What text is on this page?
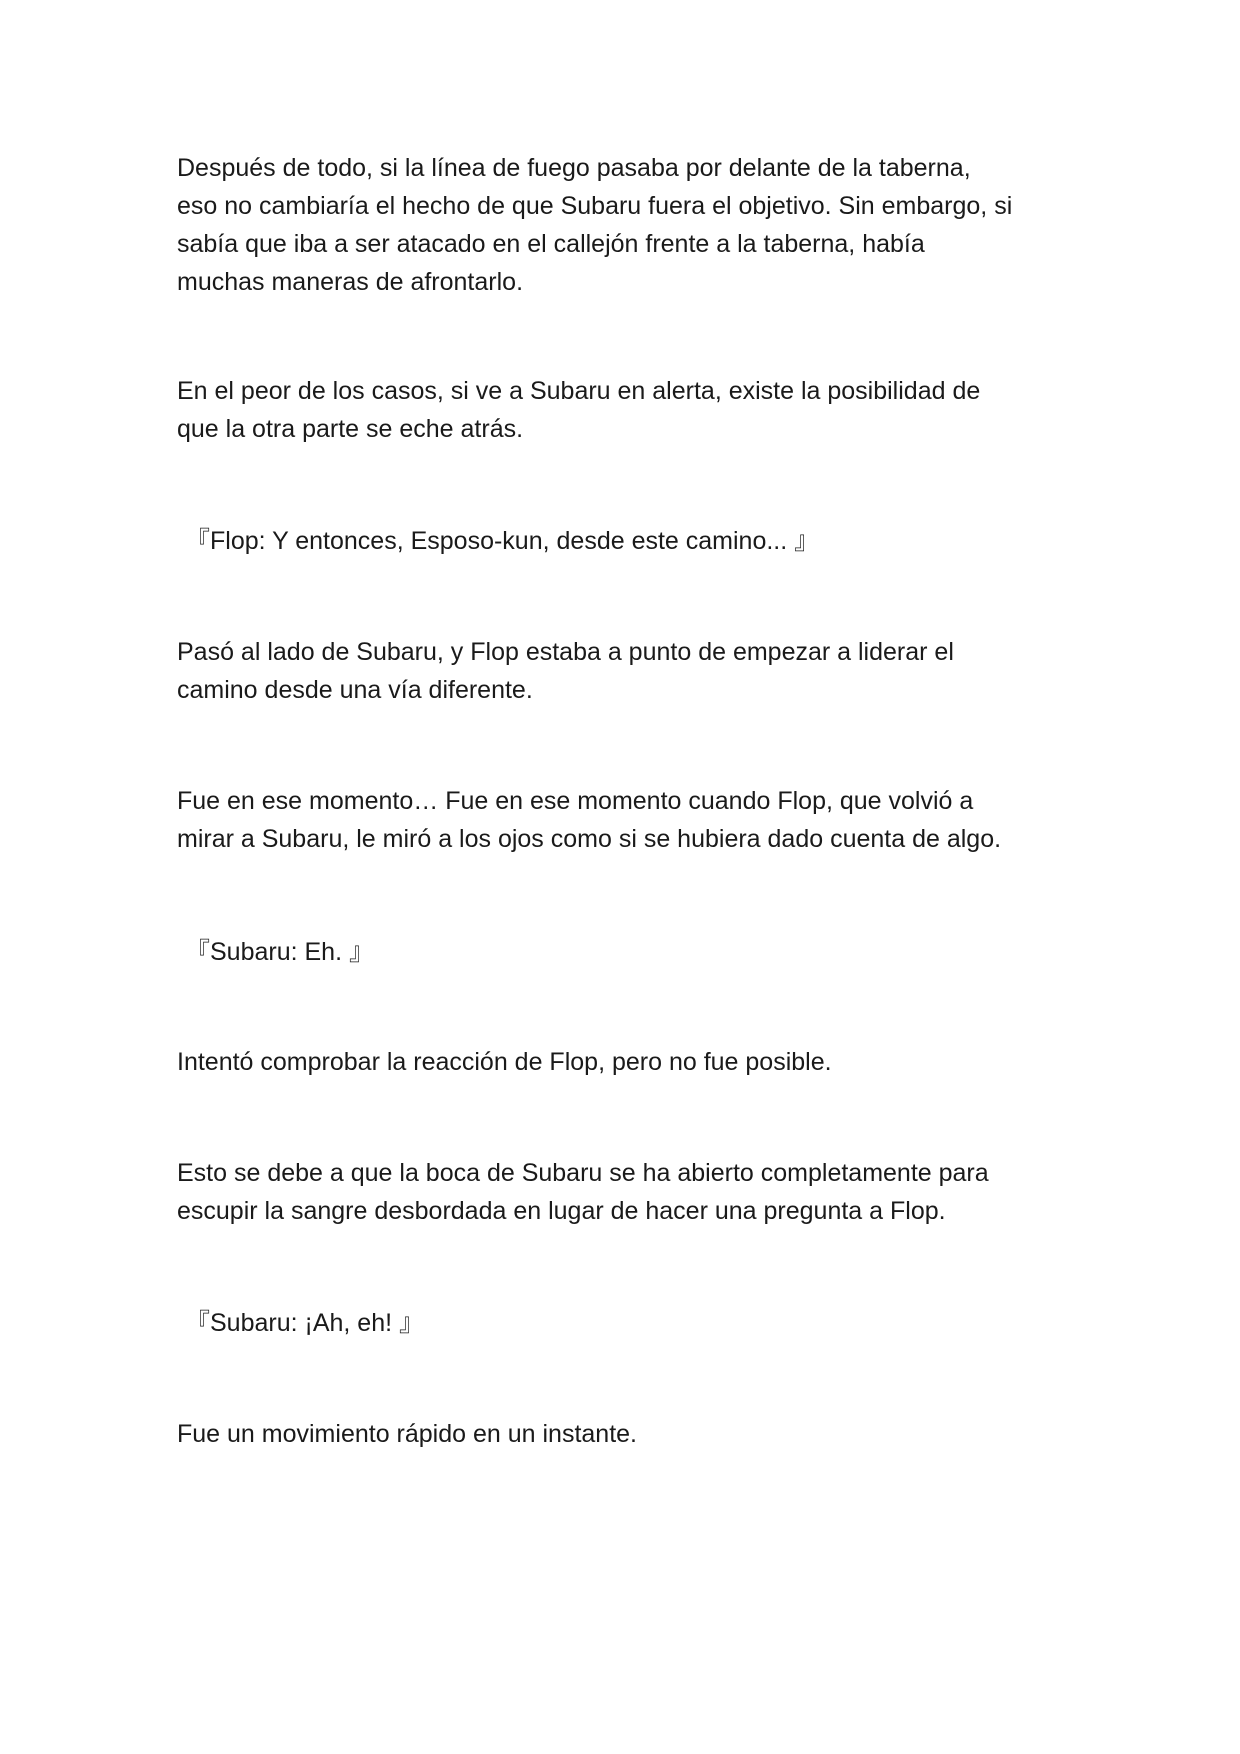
Después de todo, si la línea de fuego pasaba por delante de la taberna,
eso no cambiaría el hecho de que Subaru fuera el objetivo. Sin embargo, si
sabía que iba a ser atacado en el callejón frente a la taberna, había
muchas maneras de afrontarlo.

En el peor de los casos, si ve a Subaru en alerta, existe la posibilidad de
que la otra parte se eche atrás.

『Flop: Y entonces, Esposo-kun, desde este camino... 』

Pasó al lado de Subaru, y Flop estaba a punto de empezar a liderar el
camino desde una vía diferente.

Fue en ese momento… Fue en ese momento cuando Flop, que volvió a
mirar a Subaru, le miró a los ojos como si se hubiera dado cuenta de algo.

『Subaru: Eh. 』

Intentó comprobar la reacción de Flop, pero no fue posible.

Esto se debe a que la boca de Subaru se ha abierto completamente para
escupir la sangre desbordada en lugar de hacer una pregunta a Flop.

『Subaru: ¡Ah, eh! 』

Fue un movimiento rápido en un instante.
